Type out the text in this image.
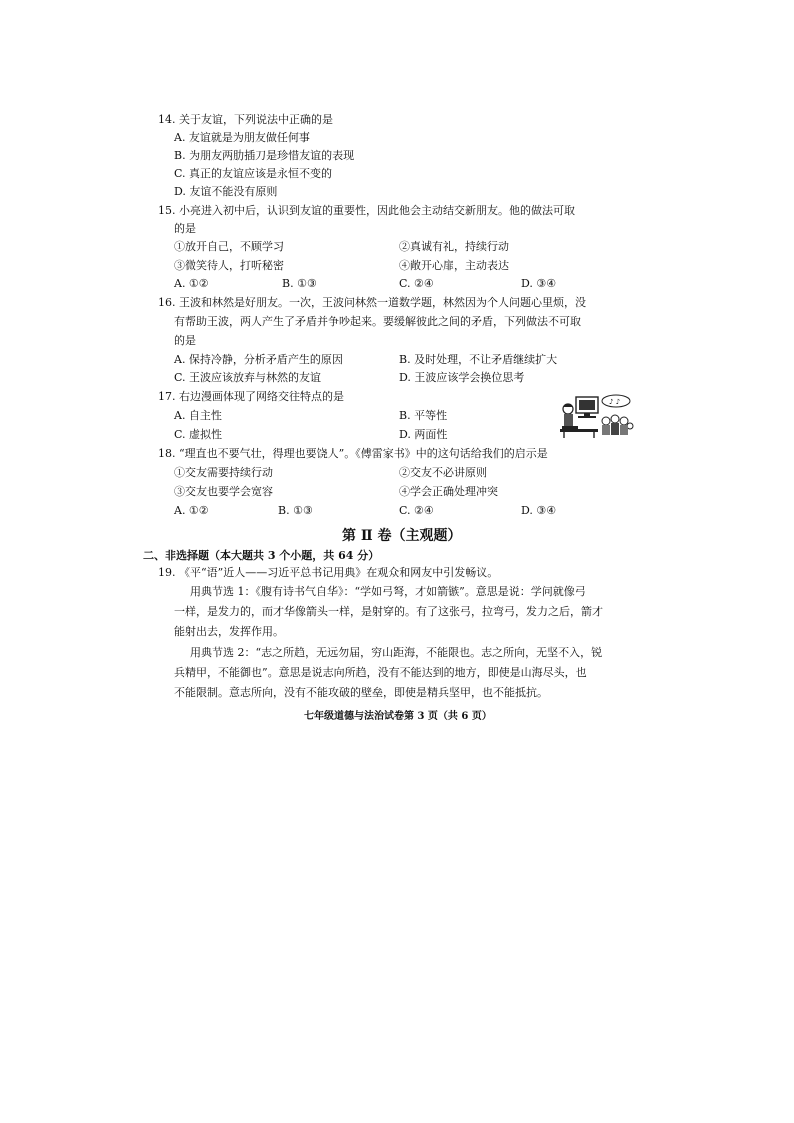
14. 关于友谊，下列说法中正确的是
A. 友谊就是为朋友做任何事
B. 为朋友两肋插刀是珍惜友谊的表现
C. 真正的友谊应该是永恒不变的
D. 友谊不能没有原则
15. 小亮进入初中后，认识到友谊的重要性，因此他会主动结交新朋友。他的做法可取
的是
①放开自己，不顾学习	②真诚有礼，持续行动
③微笑待人，打听秘密	④敞开心扉，主动表达
A. ①②	B. ①③	C. ②④	D. ③④
16. 王波和林然是好朋友。一次，王波问林然一道数学题，林然因为个人问题心里烦，没
有帮助王波，两人产生了矛盾并争吵起来。要缓解彼此之间的矛盾，下列做法不可取
的是
A. 保持冷静，分析矛盾产生的原因	B. 及时处理，不让矛盾继续扩大
C. 王波应该放弃与林然的友谊	D. 王波应该学会换位思考
17. 右边漫画体现了网络交往特点的是
A. 自主性	B. 平等性
C. 虚拟性	D. 两面性
♪ ♪
18. “理直也不要气壮，得理也要饶人”。《傅雷家书》中的这句话给我们的启示是
①交友需要持续行动	②交友不必讲原则
③交友也要学会宽容	④学会正确处理冲突
A. ①②	B. ①③	C. ②④	D. ③④
第 Ⅱ 卷（主观题）
二、非选择题（本大题共 3 个小题，共 64 分）
19. 《平“语”近人——习近平总书记用典》在观众和网友中引发畅议。
用典节选 1：《腹有诗书气自华》：“学如弓弩，才如箭镞”。意思是说：学问就像弓
一样，是发力的，而才华像箭头一样，是射穿的。有了这张弓，拉弯弓，发力之后，箭才
能射出去，发挥作用。
用典节选 2：“志之所趋，无远勿届，穷山距海，不能限也。志之所向，无坚不入，锐
兵精甲，不能御也”。意思是说志向所趋，没有不能达到的地方，即使是山海尽头，也
不能限制。意志所向，没有不能攻破的壁垒，即使是精兵坚甲，也不能抵抗。
七年级道德与法治试卷第 3 页（共 6 页）
